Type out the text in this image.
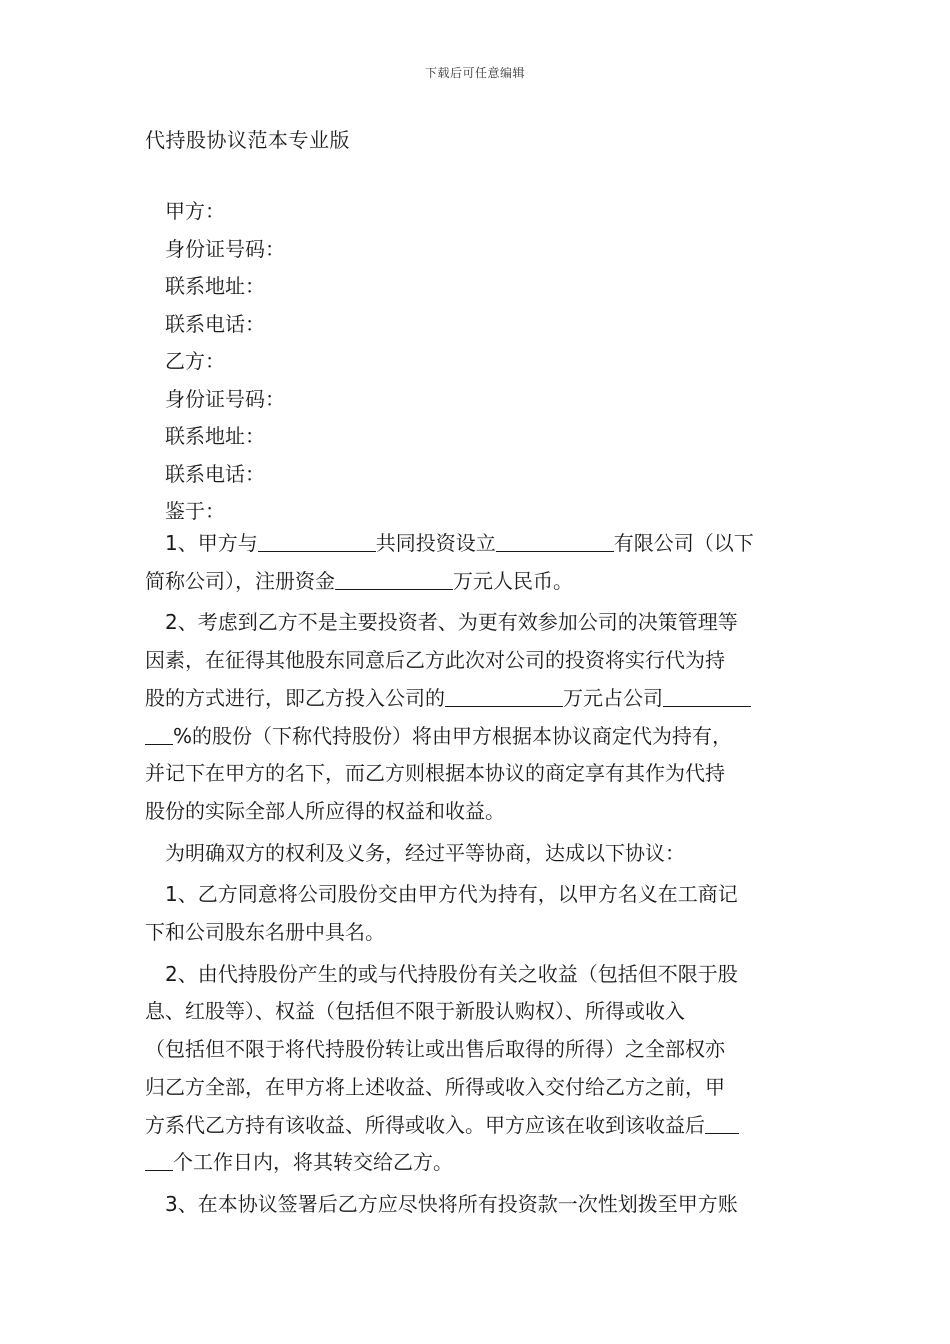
下载后可任意编辑
代持股协议范本专业版
甲方：
身份证号码：
联系地址：
联系电话：
乙方：
身份证号码：
联系地址：
联系电话：
鉴于：
1、甲方与	共同投资设立	有限公司（以下
简称公司），注册资金	万元人民币。
2、考虑到乙方不是主要投资者、为更有效参加公司的决策管理等
因素，在征得其他股东同意后乙方此次对公司的投资将实行代为持
股的方式进行，即乙方投入公司的	万元占公司
%的股份（下称代持股份）将由甲方根据本协议商定代为持有，
并记下在甲方的名下，而乙方则根据本协议的商定享有其作为代持
股份的实际全部人所应得的权益和收益。
为明确双方的权利及义务，经过平等协商，达成以下协议：
1、乙方同意将公司股份交由甲方代为持有，以甲方名义在工商记
下和公司股东名册中具名。
2、由代持股份产生的或与代持股份有关之收益（包括但不限于股
息、红股等）、权益（包括但不限于新股认购权）、所得或收入
（包括但不限于将代持股份转让或出售后取得的所得）之全部权亦
归乙方全部，在甲方将上述收益、所得或收入交付给乙方之前，甲
方系代乙方持有该收益、所得或收入。甲方应该在收到该收益后
个工作日内，将其转交给乙方。
3、在本协议签署后乙方应尽快将所有投资款一次性划拨至甲方账
